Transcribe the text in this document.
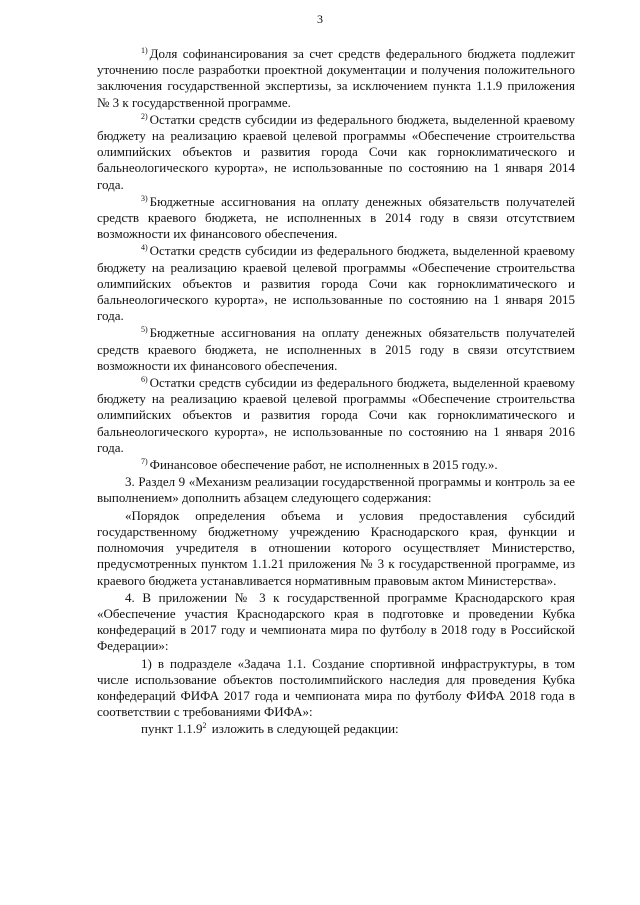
3

$^{1)}$ Доля софинансирования за счет средств федерального бюджета подлежит уточнению после разработки проектной документации и получения положительного заключения государственной экспертизы, за исключением пункта 1.1.9 приложения № 3 к государственной программе.

$^{2)}$ Остатки средств субсидии из федерального бюджета, выделенной краевому бюджету на реализацию краевой целевой программы «Обеспечение строительства олимпийских объектов и развития города Сочи как горноклиматического и бальнеологического курорта», не использованные по состоянию на 1 января 2014 года.

$^{3)}$ Бюджетные ассигнования на оплату денежных обязательств получателей средств краевого бюджета, не исполненных в 2014 году в связи отсутствием возможности их финансового обеспечения.

$^{4)}$ Остатки средств субсидии из федерального бюджета, выделенной краевому бюджету на реализацию краевой целевой программы «Обеспечение строительства олимпийских объектов и развития города Сочи как горноклиматического и бальнеологического курорта», не использованные по состоянию на 1 января 2015 года.

$^{5)}$ Бюджетные ассигнования на оплату денежных обязательств получателей средств краевого бюджета, не исполненных в 2015 году в связи отсутствием возможности их финансового обеспечения.

$^{6)}$ Остатки средств субсидии из федерального бюджета, выделенной краевому бюджету на реализацию краевой целевой программы «Обеспечение строительства олимпийских объектов и развития города Сочи как горноклиматического и бальнеологического курорта», не использованные по состоянию на 1 января 2016 года.

$^{7)}$ Финансовое обеспечение работ, не исполненных в 2015 году.».

3. Раздел 9 «Механизм реализации государственной программы и контроль за ее выполнением» дополнить абзацем следующего содержания:

«Порядок определения объема и условия предоставления субсидий государственному бюджетному учреждению Краснодарского края, функции и полномочия учредителя в отношении которого осуществляет Министерство, предусмотренных пунктом 1.1.21 приложения № 3 к государственной программе, из краевого бюджета устанавливается нормативным правовым актом Министерства».

4. В приложении № 3 к государственной программе Краснодарского края «Обеспечение участия Краснодарского края в подготовке и проведении Кубка конфедераций в 2017 году и чемпионата мира по футболу в 2018 году в Российской Федерации»:

1) в подразделе «Задача 1.1. Создание спортивной инфраструктуры, в том числе использование объектов постолимпийского наследия для проведения Кубка конфедераций ФИФА 2017 года и чемпионата мира по футболу ФИФА 2018 года в соответствии с требованиями ФИФА»:

пункт 1.1.9$^2$ изложить в следующей редакции:
